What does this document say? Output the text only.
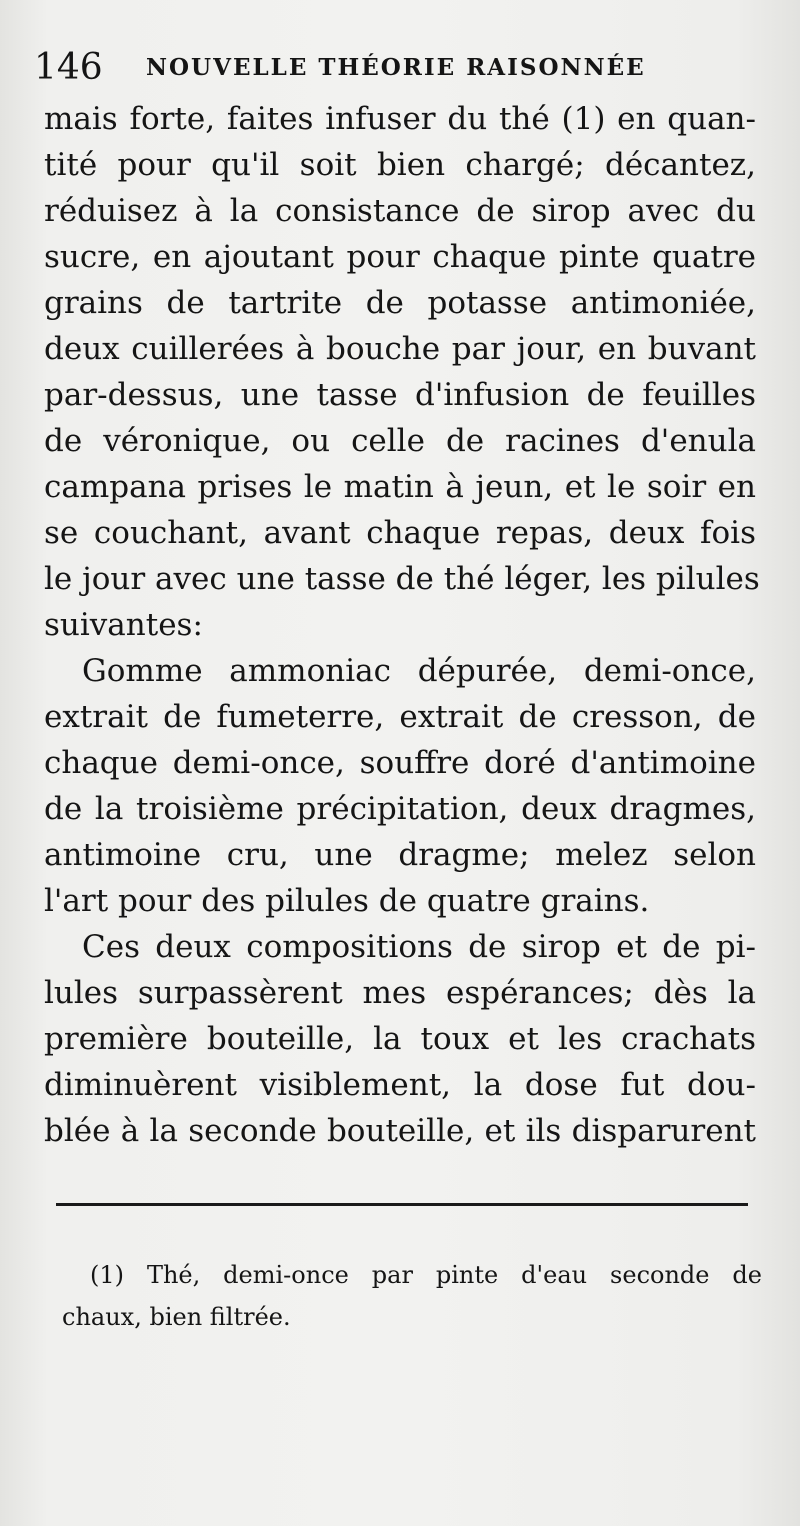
146 NOUVELLE THÉORIE RAISONNÉE
mais forte, faites infuser du thé (1) en quan-
tité pour qu'il soit bien chargé; décantez,
réduisez à la consistance de sirop avec du
sucre, en ajoutant pour chaque pinte quatre
grains de tartrite de potasse antimoniée,
deux cuillerées à bouche par jour, en buvant
par-dessus, une tasse d'infusion de feuilles
de véronique, ou celle de racines d'enula
campana prises le matin à jeun, et le soir en
se couchant, avant chaque repas, deux fois
le jour avec une tasse de thé léger, les pilules
suivantes:
Gomme ammoniac dépurée, demi-once,
extrait de fumeterre, extrait de cresson, de
chaque demi-once, souffre doré d'antimoine
de la troisième précipitation, deux dragmes,
antimoine cru, une dragme; melez selon
l'art pour des pilules de quatre grains.
Ces deux compositions de sirop et de pi-
lules surpassèrent mes espérances; dès la
première bouteille, la toux et les crachats
diminuèrent visiblement, la dose fut dou-
blée à la seconde bouteille, et ils disparurent
(1) Thé, demi-once par pinte d'eau seconde de
chaux, bien filtrée.
